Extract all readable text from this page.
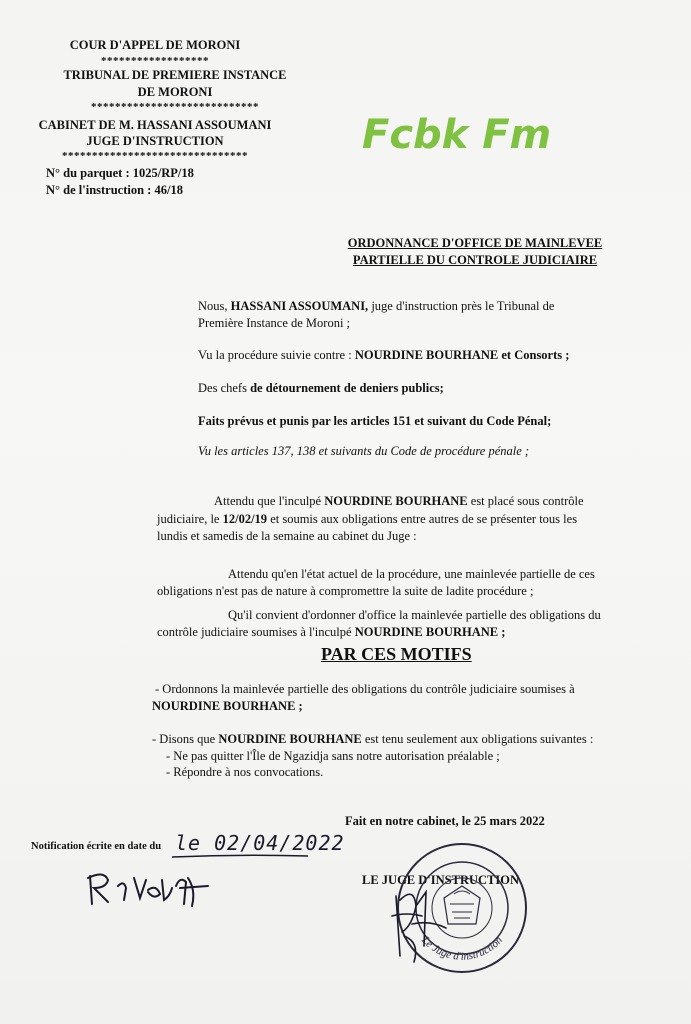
COUR D'APPEL DE MORONI
******************
TRIBUNAL DE PREMIERE INSTANCE
DE MORONI
****************************
CABINET DE M. HASSANI ASSOUMANI
JUGE D'INSTRUCTION
*******************************
N° du parquet : 1025/RP/18
N° de l'instruction : 46/18
Fcbk Fm
ORDONNANCE D'OFFICE DE MAINLEVEE
PARTIELLE DU CONTROLE JUDICIAIRE
Nous, HASSANI ASSOUMANI, juge d'instruction près le Tribunal de
Première Instance de Moroni ;
Vu la procédure suivie contre : NOURDINE BOURHANE et Consorts ;
Des chefs de détournement de deniers publics;
Faits prévus et punis par les articles 151 et suivant du Code Pénal;
Vu les articles 137, 138 et suivants du Code de procédure pénale ;
Attendu que l'inculpé NOURDINE BOURHANE est placé sous contrôle
judiciaire, le 12/02/19 et soumis aux obligations entre autres de se présenter tous les
lundis et samedis de la semaine au cabinet du Juge :
Attendu qu'en l'état actuel de la procédure, une mainlevée partielle de ces
obligations n'est pas de nature à compromettre la suite de ladite procédure ;
Qu'il convient d'ordonner d'office la mainlevée partielle des obligations du
contrôle judiciaire soumises à l'inculpé NOURDINE BOURHANE ;
PAR CES MOTIFS
- Ordonnons la mainlevée partielle des obligations du contrôle judiciaire soumises à
NOURDINE BOURHANE ;
- Disons que NOURDINE BOURHANE est tenu seulement aux obligations suivantes :
- Ne pas quitter l'Île de Ngazidja sans notre autorisation préalable ;
- Répondre à nos convocations.
Fait en notre cabinet, le 25 mars 2022
Notification écrite en date du le 02/04/2022
LE JUGE D'INSTRUCTION
Le Juge d'instruction
